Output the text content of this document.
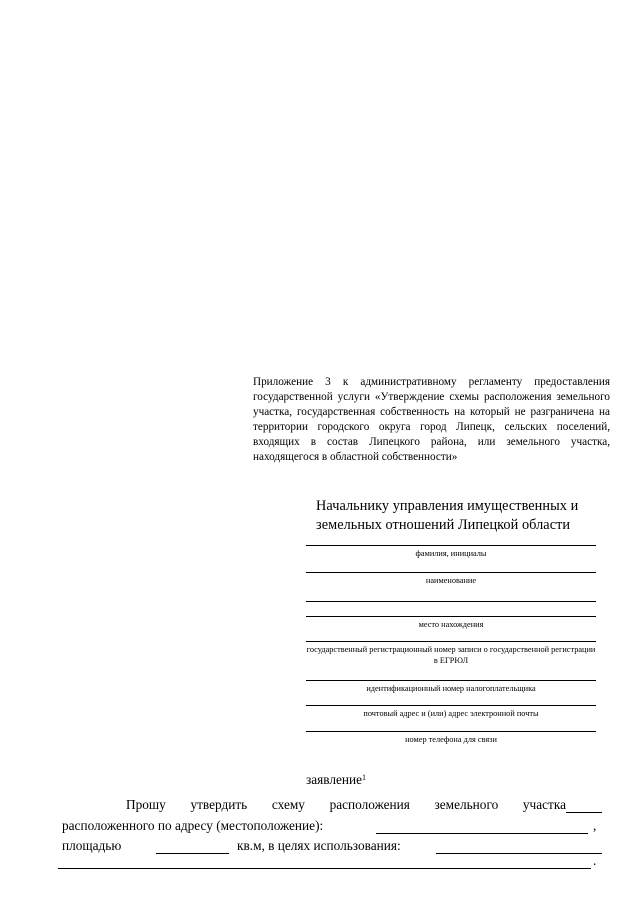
Приложение 3 к административному регламенту предоставления государственной услуги «Утверждение схемы расположения земельного участка, государственная собственность на который не разграничена на территории городского округа город Липецк, сельских поселений, входящих в состав Липецкого района, или земельного участка, находящегося в областной собственности»
Начальнику управления имущественных и земельных отношений Липецкой области
фамилия, инициалы
наименование
место нахождения
государственный регистрационный номер записи о государственной регистрации в ЕГРЮЛ
идентификационный номер налогоплательщика
почтовый адрес и (или) адрес электронной почты
номер телефона для связи
заявление$^1$
Прошу утвердить схему расположения земельного участка
расположенного по адресу (местоположение):	,
площадью	кв.м, в целях использования:
.
